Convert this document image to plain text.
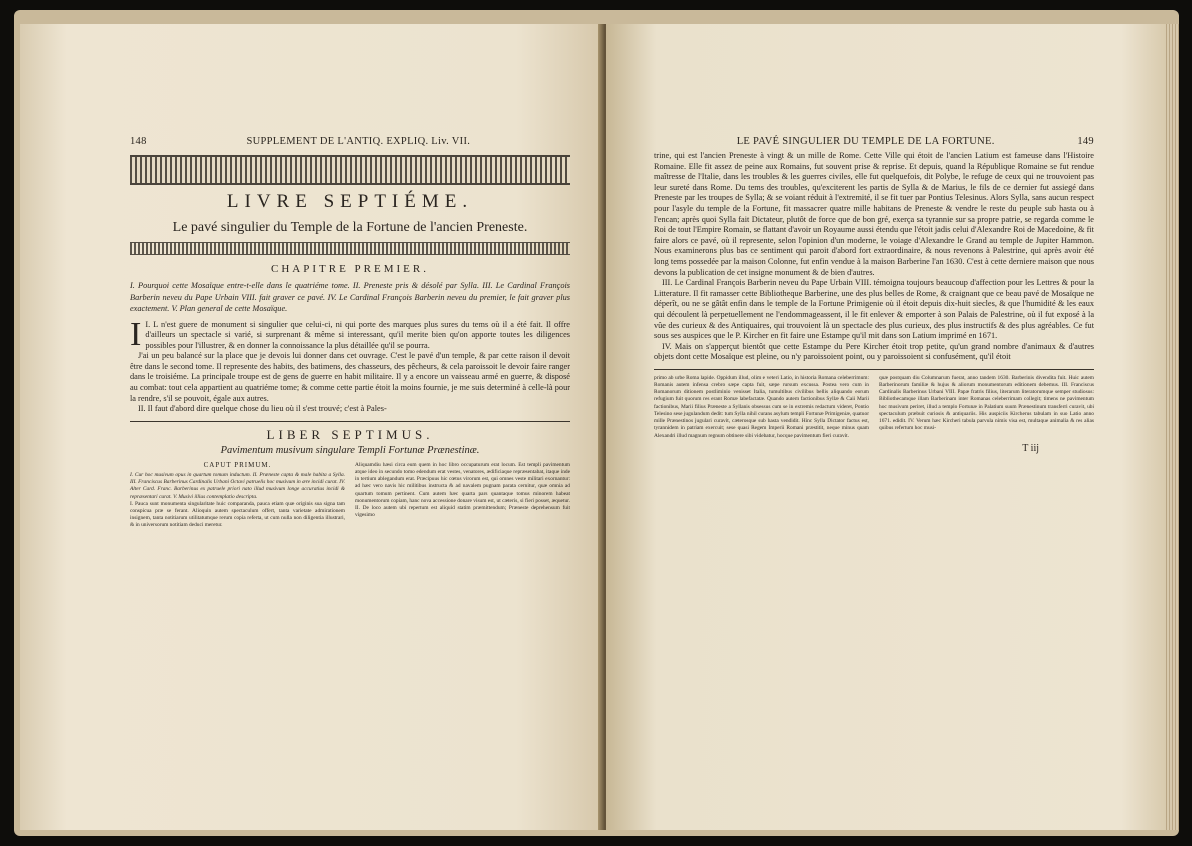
148	SUPPLEMENT DE L'ANTIQ. EXPLIQ. Liv. VII.
LIVRE SEPTIÉME.
Le pavé singulier du Temple de la Fortune de l'ancien Preneste.
CHAPITRE PREMIER.

I. Pourquoi cette Mosaïque entre-t-elle dans le quatriéme tome. II. Preneste pris & désolé par Sylla. III. Le Cardinal François Barberin neveu du Pape Urbain VIII. fait graver ce pavé. IV. Le Cardinal François Barberin neveu du premier, le fait graver plus exactement. V. Plan general de cette Mosaïque.

I.
I L n'est guere de monument si singulier que celui-ci, ni qui porte des marques plus sures du tems où il a été fait. Il offre d'ailleurs un spectacle si varié, si surprenant & même si interessant, qu'il merite bien qu'on apporte toutes les diligences possibles pour l'illustrer, & en donner la connoissance la plus détaillée qu'il se pourra.

J'ai un peu balancé sur la place que je devois lui donner dans cet ouvrage. C'est le pavé d'un temple, & par cette raison il devoit être dans le second tome. Il represente des habits, des batimens, des chasseurs, des pêcheurs, & cela paroissoit le devoir faire ranger dans le troisiéme. La principale troupe est de gens de guerre en habit militaire. Il y a encore un vaisseau armé en guerre, & disposé au combat: tout cela appartient au quatriéme tome; & comme cette partie étoit la moins fournie, je me suis determiné à celle-là pour la rendre, s'il se pouvoit, égale aux autres.

II. Il faut d'abord dire quelque chose du lieu où il s'est trouvé; c'est à Pales-

LIBER SEPTIMUS.
Pavimentum musivum singulare Templi Fortunæ Prænestinæ.
CAPUT PRIMUM.
I. Cur hoc musivum opus in quartum tomum inductum. II. Præneste capta & male habita a Sylla. III. Franciscus Barberinus Cardinalis Urbani Octavi patruelis hoc musivum in ære incidi curat. IV. Alter Card. Franc. Barberinus ex patruele priori nato illud musivum longe accuratius incidi & repræsentari curat. V. Musivi illius contemplatio descripta.
I. Pauca sunt monumenta singularitate huic comparanda, pauca etiam quæ originis sua signa tam conspicua præ se ferant. Alioquin autem spectaculum offert, tanta varietate admirationem insignem, tanta notitiarum utilitatumque rerum copia referta, ut cum nulla non diligentia illustrari, & in universorum notitiam deduci meretur.
Aliquamdiu hæsi circa eum quem in hoc libro occupaturum erat locum. Est templi pavimentum atque ideo in secundo tomo edendum erat vestes, venatores, ædificiaque repræsentabat, itaque inde in tertium ablegandum erat. Præcipuus hic cœtus virorum est, qui omnes veste militari exornantur: ad hæc vero navis hic militibus instructa & ad navalem pugnam parata cernitur, quæ omnia ad quartum tomum pertinent. Cum autem hæc quarta pars quantaque tomus minorem habeat monumentorum copiam, hanc nova accessione donare visum est, ut cæteris, si fieri posset, æquetur. II. De loco autem ubi repertum est aliquid statim præmittendum; Præneste deprehensum fuit vigesimo
LE PAVÉ SINGULIER DU TEMPLE DE LA FORTUNE.	149

trine, qui est l'ancien Preneste à vingt & un mille de Rome. Cette Ville qui étoit de l'ancien Latium est fameuse dans l'Histoire Romaine. Elle fit assez de peine aux Romains, fut souvent prise & reprise. Et depuis, quand la République Romaine se fut rendue maîtresse de l'Italie, dans les troubles & les guerres civiles, elle fut quelquefois, dit Polybe, le refuge de ceux qui ne trouvoient pas leur sureté dans Rome. Du tems des troubles, qu'exciterent les partis de Sylla & de Marius, le fils de ce dernier fut assiegé dans Preneste par les troupes de Sylla; & se voiant réduit à l'extremité, il se fit tuer par Pontius Telesinus. Alors Sylla, sans aucun respect pour l'asyle du temple de la Fortune, fit massacrer quatre mille habitans de Preneste & vendre le reste du peuple sub hasta ou à l'encan; après quoi Sylla fait Dictateur, plutôt de force que de bon gré, exerça sa tyrannie sur sa propre patrie, se regarda comme le Roi de tout l'Empire Romain, se flattant d'avoir un Royaume aussi étendu que l'étoit jadis celui d'Alexandre Roi de Macedoine, & fit faire alors ce pavé, où il represente, selon l'opinion d'un moderne, le voiage d'Alexandre le Grand au temple de Jupiter Hammon. Nous examinerons plus bas ce sentiment qui paroit d'abord fort extraordinaire, & nous revenons à Palestrine, qui après avoir été long tems possedée par la maison Colonne, fut enfin vendue à la maison Barberine l'an 1630. C'est à cette derniere maison que nous devons la publication de cet insigne monument & de bien d'autres.

III. Le Cardinal François Barberin neveu du Pape Urbain VIII. témoigna toujours beaucoup d'affection pour les Lettres & pour la Litterature. Il fit ramasser cette Bibliotheque Barberine, une des plus belles de Rome, & craignant que ce beau pavé de Mosaïque ne déperît, ou ne se gâtât enfin dans le temple de la Fortune Primigenie où il étoit depuis dix-huit siecles, & que l'humidité & les eaux qui découlent là perpetuellement ne l'endommageassent, il le fit enlever & emporter à son Palais de Palestrine, où il fut exposé à la vûe des curieux & des Antiquaires, qui trouvoient là un spectacle des plus curieux, des plus instructifs & des plus agréables. Ce fut sous ses auspices que le P. Kircher en fit faire une Estampe qu'il mit dans son Latium imprimé en 1671.

IV. Mais on s'apperçut bientôt que cette Estampe du Pere Kircher étoit trop petite, qu'un grand nombre d'animaux & d'autres objets dont cette Mosaïque est pleine, ou n'y paroissoient point, ou y paroissoient si confusément, qu'il étoit

primo ab urbe Roma lapide. Oppidum illud, olim e veteri Latio, in historia Romana celeberrimum: Romanis autem infensa crebro sæpe capta fuit, sæpe rursum excussa. Postea vero cum in Romanorum ditionem postliminio venisset Italia, tumultibus civilibus bellis aliquando eorum refugium fuit quorum res erant Romæ labefactatæ. Quando autem factionibus Syllæ & Caii Marii factionibus, Marii filius Præneste a Syllanis obsessus cum se in extremis redactum videret, Pontio Telesino sese jugulandum dedit: tum Sylla nihil curans asylum templi Fortunæ Primigeniæ, quatuor mille Prænestinos jugulari curavit, cæterosque sub hasta vendidit. Hinc Sylla Dictator factus est, tyrannidem in patriam exercuit; sese quasi Regem Imperii Romani præstitit, neque minus quam Alexandri illud magnum regnum obtinere sibi videbatur, hocque pavimentum fieri curavit.
quæ postquam diu Columnarum fuerat, anno tandem 1630. Barberinis divendita fuit. Huic autem Barberinorum familiæ & hujus & aliorum monumentorum editionem debemus. III. Franciscus Cardinalis Barberinus Urbani VIII. Papæ fratris filius, literarum literatorumque semper studiosus: Bibliothecamque illam Barberinam inter Romanas celeberrimam collegit; timens ne pavimentum hoc musivum periret, illud a templo Fortunæ in Palatium suum Prænestinum transferri curavit, ubi spectaculum præbuit curiosis & antiquariis. His auspiciis Kircherus tabulam in suo Latio anno 1671. edidit. IV. Verum hæc Kircheri tabula parvula nimis visa est, multaque animalia & res alias quibus refertum hoc musi-
T iij
